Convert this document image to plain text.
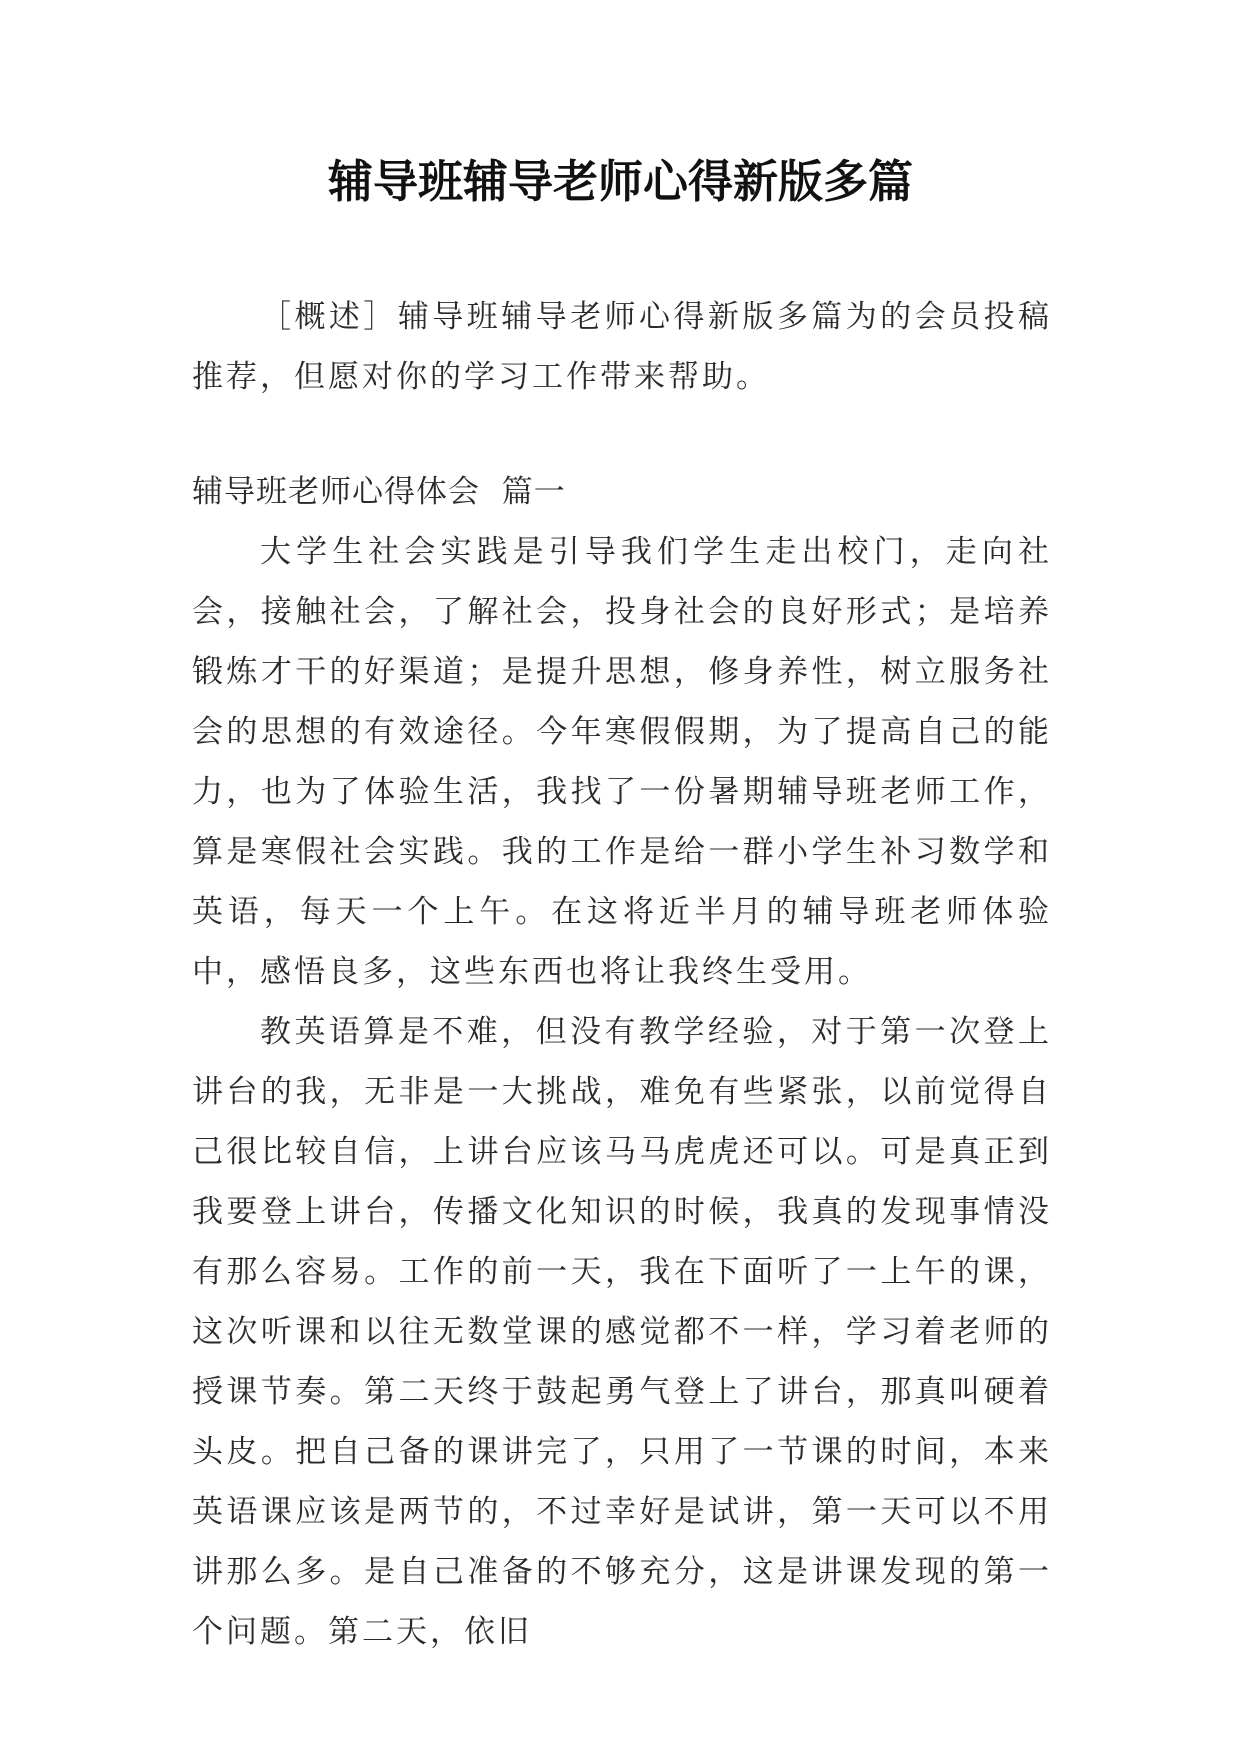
辅导班辅导老师心得新版多篇

［概述］辅导班辅导老师心得新版多篇为的会员投稿推荐，但愿对你的学习工作带来帮助。

辅导班老师心得体会  篇一

大学生社会实践是引导我们学生走出校门，走向社会，接触社会，了解社会，投身社会的良好形式；是培养锻炼才干的好渠道；是提升思想，修身养性，树立服务社会的思想的有效途径。今年寒假假期，为了提高自己的能力，也为了体验生活，我找了一份暑期辅导班老师工作，算是寒假社会实践。我的工作是给一群小学生补习数学和英语，每天一个上午。在这将近半月的辅导班老师体验中，感悟良多，这些东西也将让我终生受用。

教英语算是不难，但没有教学经验，对于第一次登上讲台的我，无非是一大挑战，难免有些紧张，以前觉得自己很比较自信，上讲台应该马马虎虎还可以。可是真正到我要登上讲台，传播文化知识的时候，我真的发现事情没有那么容易。工作的前一天，我在下面听了一上午的课，这次听课和以往无数堂课的感觉都不一样，学习着老师的授课节奏。第二天终于鼓起勇气登上了讲台，那真叫硬着头皮。把自己备的课讲完了，只用了一节课的时间，本来英语课应该是两节的，不过幸好是试讲，第一天可以不用讲那么多。是自己准备的不够充分，这是讲课发现的第一个问题。第二天，依旧
